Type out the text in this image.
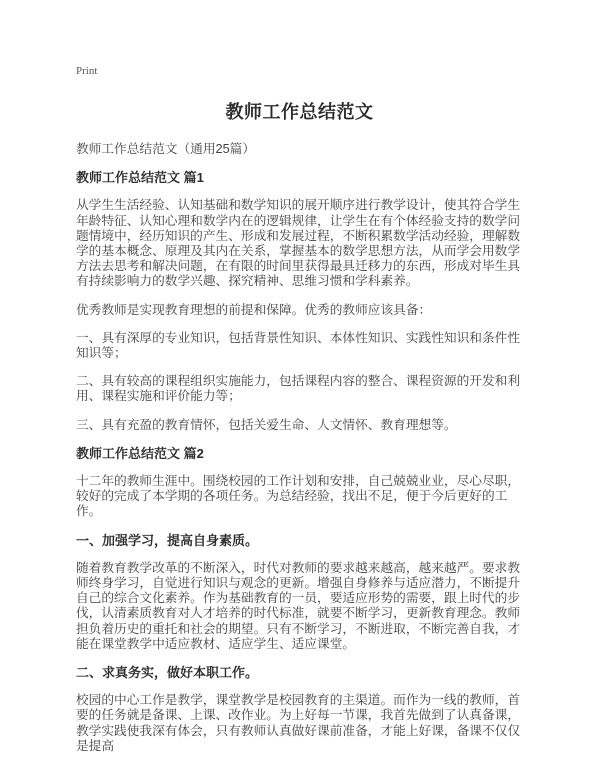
Print
教师工作总结范文

教师工作总结范文（通用25篇）

教师工作总结范文 篇1

从学生生活经验、认知基础和数学知识的展开顺序进行教学设计，使其符合学生年龄特征、认知心理和数学内在的逻辑规律，让学生在有个体经验支持的数学问题情境中，经历知识的产生、形成和发展过程，不断积累数学活动经验，理解数学的基本概念、原理及其内在关系，掌握基本的数学思想方法，从而学会用数学方法去思考和解决问题，在有限的时间里获得最具迁移力的东西，形成对毕生具有持续影响力的数学兴趣、探究精神、思维习惯和学科素养。

优秀教师是实现教育理想的前提和保障。优秀的教师应该具备：

一、具有深厚的专业知识，包括背景性知识、本体性知识、实践性知识和条件性知识等；

二、具有较高的课程组织实施能力，包括课程内容的整合、课程资源的开发和利用、课程实施和评价能力等；

三、具有充盈的教育情怀，包括关爱生命、人文情怀、教育理想等。

教师工作总结范文 篇2

十二年的教师生涯中。围绕校园的工作计划和安排，自己兢兢业业，尽心尽职，较好的完成了本学期的各项任务。为总结经验，找出不足，便于今后更好的工作。

一、加强学习，提高自身素质。

随着教育教学改革的不断深入，时代对教师的要求越来越高，越来越严。要求教师终身学习，自觉进行知识与观念的更新。增强自身修养与适应潜力，不断提升自己的综合文化素养。作为基础教育的一员，要适应形势的需要，跟上时代的步伐，认清素质教育对人才培养的时代标准，就要不断学习，更新教育理念。教师担负着历史的重托和社会的期望。只有不断学习，不断进取，不断完善自我，才能在课堂教学中适应教材、适应学生、适应课堂。

二、求真务实，做好本职工作。

校园的中心工作是教学，课堂教学是校园教育的主渠道。而作为一线的教师，首要的任务就是备课、上课、改作业。为上好每一节课，我首先做到了认真备课，教学实践使我深有体会，只有教师认真做好课前准备，才能上好课，备课不仅仅是提高
